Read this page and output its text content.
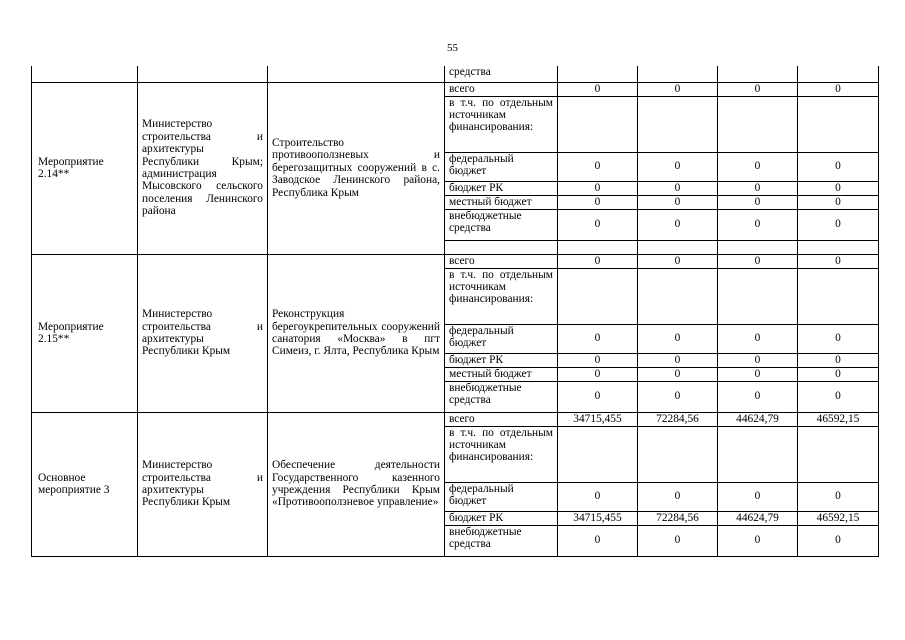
55
			средства				
Мероприятие 2.14**	Министерство строительства и архитектуры Республики Крым; администрация Мысовского сельского поселения Ленинского района	Строительство противооползневых и берегозащитных сооружений в с. Заводское Ленинского района, Республика Крым	всего	0	0	0	0
			в т.ч. по отдельным источникам финансирования:				
			федеральный бюджет	0	0	0	0
			бюджет РК	0	0	0	0
			местный бюджет	0	0	0	0
			внебюджетные средства	0	0	0	0

Мероприятие 2.15**	Министерство строительства и архитектуры Республики Крым	Реконструкция берегоукрепительных сооружений санатория «Москва» в пгт Симеиз, г. Ялта, Республика Крым	всего	0	0	0	0
			в т.ч. по отдельным источникам финансирования:				
			федеральный бюджет	0	0	0	0
			бюджет РК	0	0	0	0
			местный бюджет	0	0	0	0
			внебюджетные средства	0	0	0	0
Основное мероприятие 3	Министерство строительства и архитектуры Республики Крым	Обеспечение деятельности Государственного казенного учреждения Республики Крым «Противооползневое управление»	всего	34715,455	72284,56	44624,79	46592,15
			в т.ч. по отдельным источникам финансирования:				
			федеральный бюджет	0	0	0	0
			бюджет РК	34715,455	72284,56	44624,79	46592,15
			внебюджетные средства	0	0	0	0
